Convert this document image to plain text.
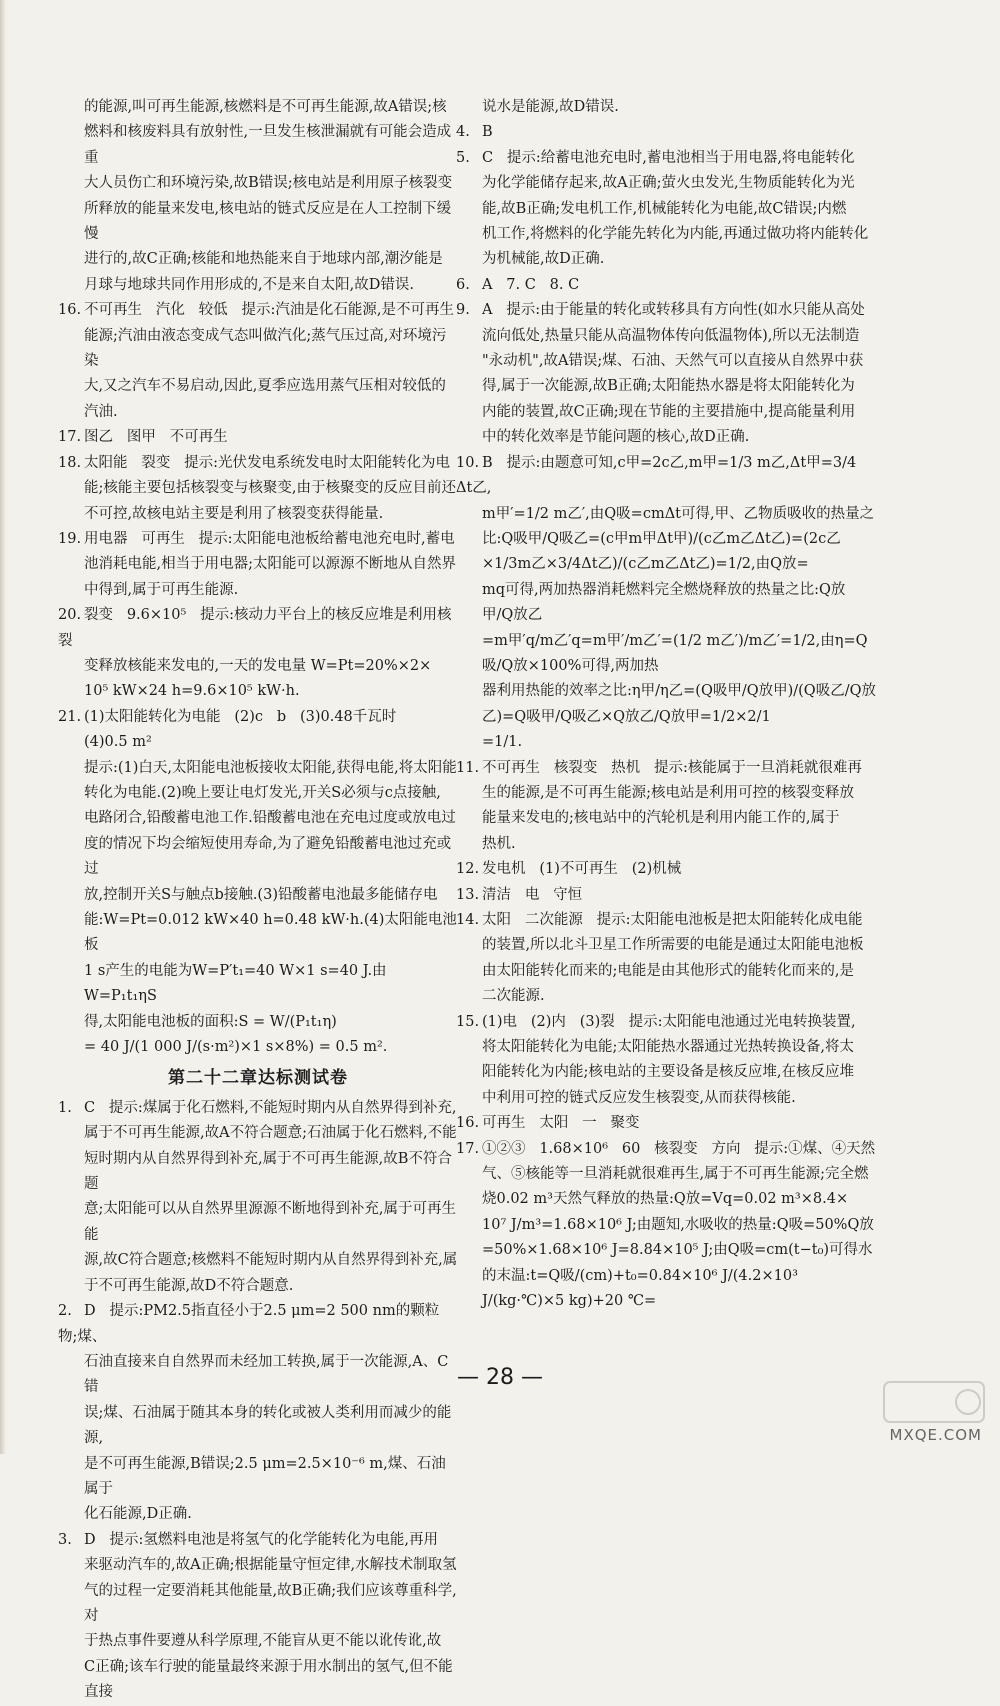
的能源,叫可再生能源,核燃料是不可再生能源,故A错误;核
燃料和核废料具有放射性,一旦发生核泄漏就有可能会造成重
大人员伤亡和环境污染,故B错误;核电站是利用原子核裂变
所释放的能量来发电,核电站的链式反应是在人工控制下缓慢
进行的,故C正确;核能和地热能来自于地球内部,潮汐能是
月球与地球共同作用形成的,不是来自太阳,故D错误.
16. 不可再生   汽化   较低   提示:汽油是化石能源,是不可再生
能源;汽油由液态变成气态叫做汽化;蒸气压过高,对环境污染
大,又之汽车不易启动,因此,夏季应选用蒸气压相对较低的
汽油.
17. 图乙   图甲   不可再生
18. 太阳能   裂变   提示:光伏发电系统发电时太阳能转化为电
能;核能主要包括核裂变与核聚变,由于核聚变的反应目前还
不可控,故核电站主要是利用了核裂变获得能量.
19. 用电器   可再生   提示:太阳能电池板给蓄电池充电时,蓄电
池消耗电能,相当于用电器;太阳能可以源源不断地从自然界
中得到,属于可再生能源.
20. 裂变   9.6×10⁵   提示:核动力平台上的核反应堆是利用核裂
变释放核能来发电的,一天的发电量 W=Pt=20%×2×
10⁵ kW×24 h=9.6×10⁵ kW·h.
21. (1)太阳能转化为电能   (2)c   b   (3)0.48千瓦时
(4)0.5 m²
提示:(1)白天,太阳能电池板接收太阳能,获得电能,将太阳能
转化为电能.(2)晚上要让电灯发光,开关S必须与c点接触,
电路闭合,铅酸蓄电池工作.铅酸蓄电池在充电过度或放电过
度的情况下均会缩短使用寿命,为了避免铅酸蓄电池过充或过
放,控制开关S与触点b接触.(3)铅酸蓄电池最多能储存电
能:W=Pt=0.012 kW×40 h=0.48 kW·h.(4)太阳能电池板
1 s产生的电能为W=P′t₁=40 W×1 s=40 J.由W=P₁t₁ηS
得,太阳能电池板的面积:S = W/(P₁t₁η)
= 40 J/(1 000 J/(s·m²)×1 s×8%) = 0.5 m².
第二十二章达标测试卷
1. C   提示:煤属于化石燃料,不能短时期内从自然界得到补充,
属于不可再生能源,故A不符合题意;石油属于化石燃料,不能
短时期内从自然界得到补充,属于不可再生能源,故B不符合题
意;太阳能可以从自然界里源源不断地得到补充,属于可再生能
源,故C符合题意;核燃料不能短时期内从自然界得到补充,属
于不可再生能源,故D不符合题意.
2. D   提示:PM2.5指直径小于2.5 μm=2 500 nm的颗粒物;煤、
石油直接来自自然界而未经加工转换,属于一次能源,A、C错
误;煤、石油属于随其本身的转化或被人类利用而减少的能源,
是不可再生能源,B错误;2.5 μm=2.5×10⁻⁶ m,煤、石油属于
化石能源,D正确.
3. D   提示:氢燃料电池是将氢气的化学能转化为电能,再用
来驱动汽车的,故A正确;根据能量守恒定律,水解技术制取氢
气的过程一定要消耗其他能量,故B正确;我们应该尊重科学,对
于热点事件要遵从科学原理,不能盲从更不能以讹传讹,故
C正确;该车行驶的能量最终来源于用水制出的氢气,但不能直接
说水是能源,故D错误.
4. B
5. C   提示:给蓄电池充电时,蓄电池相当于用电器,将电能转化
为化学能储存起来,故A正确;萤火虫发光,生物质能转化为光
能,故B正确;发电机工作,机械能转化为电能,故C错误;内燃
机工作,将燃料的化学能先转化为内能,再通过做功将内能转化
为机械能,故D正确.
6. A   7. C   8. C
9. A   提示:由于能量的转化或转移具有方向性(如水只能从高处
流向低处,热量只能从高温物体传向低温物体),所以无法制造
"永动机",故A错误;煤、石油、天然气可以直接从自然界中获
得,属于一次能源,故B正确;太阳能热水器是将太阳能转化为
内能的装置,故C正确;现在节能的主要措施中,提高能量利用
中的转化效率是节能问题的核心,故D正确.
10. B   提示:由题意可知,c甲=2c乙,m甲=1/3 m乙,Δt甲=3/4 Δt乙,
m甲′=1/2 m乙′,由Q吸=cmΔt可得,甲、乙物质吸收的热量之
比:Q吸甲/Q吸乙=(c甲m甲Δt甲)/(c乙m乙Δt乙)=(2c乙×1/3m乙×3/4Δt乙)/(c乙m乙Δt乙)=1/2,由Q放=
mq可得,两加热器消耗燃料完全燃烧释放的热量之比:Q放甲/Q放乙
=m甲′q/m乙′q=m甲′/m乙′=(1/2 m乙′)/m乙′=1/2,由η=Q吸/Q放×100%可得,两加热
器利用热能的效率之比:η甲/η乙=(Q吸甲/Q放甲)/(Q吸乙/Q放乙)=Q吸甲/Q吸乙×Q放乙/Q放甲=1/2×2/1
=1/1.
11. 不可再生   核裂变   热机   提示:核能属于一旦消耗就很难再
生的能源,是不可再生能源;核电站是利用可控的核裂变释放
能量来发电的;核电站中的汽轮机是利用内能工作的,属于
热机.
12. 发电机   (1)不可再生   (2)机械
13. 清洁   电   守恒
14. 太阳   二次能源   提示:太阳能电池板是把太阳能转化成电能
的装置,所以北斗卫星工作所需要的电能是通过太阳能电池板
由太阳能转化而来的;电能是由其他形式的能转化而来的,是
二次能源.
15. (1)电   (2)内   (3)裂   提示:太阳能电池通过光电转换装置,
将太阳能转化为电能;太阳能热水器通过光热转换设备,将太
阳能转化为内能;核电站的主要设备是核反应堆,在核反应堆
中利用可控的链式反应发生核裂变,从而获得核能.
16. 可再生   太阳   一   聚变
17. ①②③   1.68×10⁶   60   核裂变   方向   提示:①煤、④天然
气、⑤核能等一旦消耗就很难再生,属于不可再生能源;完全燃
烧0.02 m³天然气释放的热量:Q放=Vq=0.02 m³×8.4×
10⁷ J/m³=1.68×10⁶ J;由题知,水吸收的热量:Q吸=50%Q放
=50%×1.68×10⁶ J=8.84×10⁵ J;由Q吸=cm(t−t₀)可得水
的末温:t=Q吸/(cm)+t₀=0.84×10⁶ J/(4.2×10³ J/(kg·℃)×5 kg)+20 ℃=
— 28 —
MXQE.COM
